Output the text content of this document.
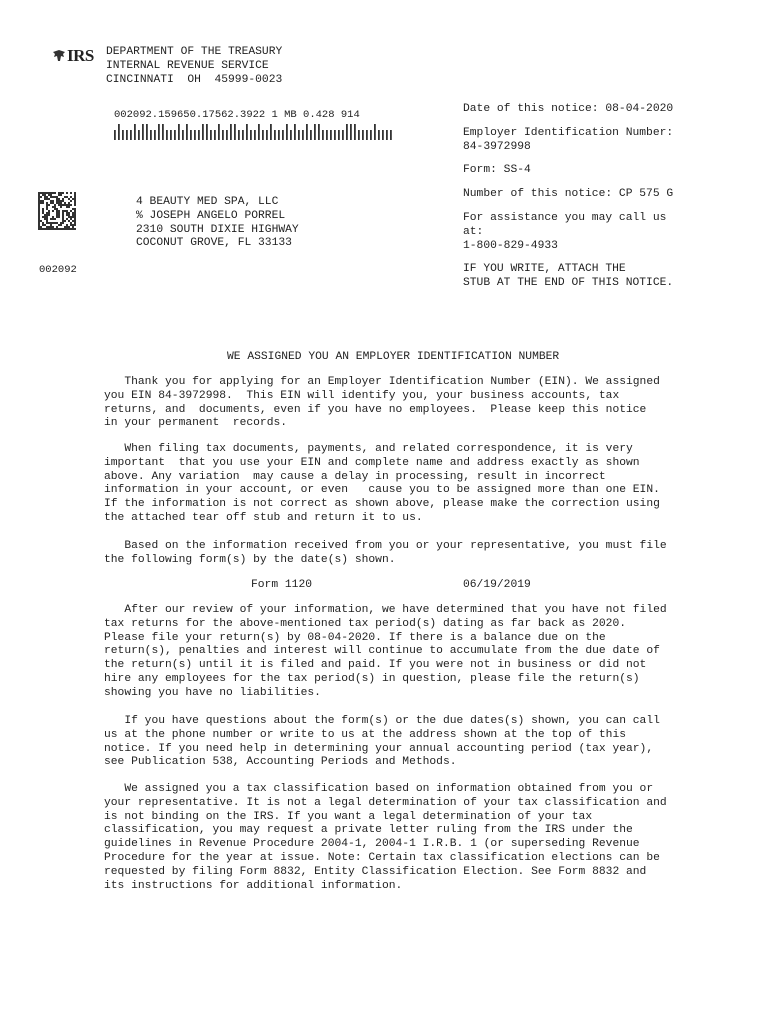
IRS DEPARTMENT OF THE TREASURY
INTERNAL REVENUE SERVICE
CINCINNATI  OH  45999-0023
002092.159650.17562.3922 1 MB 0.428 914	Date of this notice: 08-04-2020
Employer Identification Number:
84-3972998
Form: SS-4
Number of this notice: CP 575 G
For assistance you may call us
at:
1-800-829-4933
IF YOU WRITE, ATTACH THE
STUB AT THE END OF THIS NOTICE.
4 BEAUTY MED SPA, LLC
% JOSEPH ANGELO PORREL
2310 SOUTH DIXIE HIGHWAY
COCONUT GROVE, FL 33133
002092
WE ASSIGNED YOU AN EMPLOYER IDENTIFICATION NUMBER
Thank you for applying for an Employer Identification Number (EIN). We assigned
you EIN 84-3972998.  This EIN will identify you, your business accounts, tax
returns, and  documents, even if you have no employees.  Please keep this notice
in your permanent  records.
When filing tax documents, payments, and related correspondence, it is very
important  that you use your EIN and complete name and address exactly as shown
above. Any variation  may cause a delay in processing, result in incorrect
information in your account, or even   cause you to be assigned more than one EIN.
If the information is not correct as shown above, please make the correction using
the attached tear off stub and return it to us.
Based on the information received from you or your representative, you must file
the following form(s) by the date(s) shown.
Form 1120	06/19/2019
After our review of your information, we have determined that you have not filed
tax returns for the above-mentioned tax period(s) dating as far back as 2020.
Please file your return(s) by 08-04-2020. If there is a balance due on the
return(s), penalties and interest will continue to accumulate from the due date of
the return(s) until it is filed and paid. If you were not in business or did not
hire any employees for the tax period(s) in question, please file the return(s)
showing you have no liabilities.
If you have questions about the form(s) or the due dates(s) shown, you can call
us at the phone number or write to us at the address shown at the top of this
notice. If you need help in determining your annual accounting period (tax year),
see Publication 538, Accounting Periods and Methods.
We assigned you a tax classification based on information obtained from you or
your representative. It is not a legal determination of your tax classification and
is not binding on the IRS. If you want a legal determination of your tax
classification, you may request a private letter ruling from the IRS under the
guidelines in Revenue Procedure 2004-1, 2004-1 I.R.B. 1 (or superseding Revenue
Procedure for the year at issue. Note: Certain tax classification elections can be
requested by filing Form 8832, Entity Classification Election. See Form 8832 and
its instructions for additional information.
